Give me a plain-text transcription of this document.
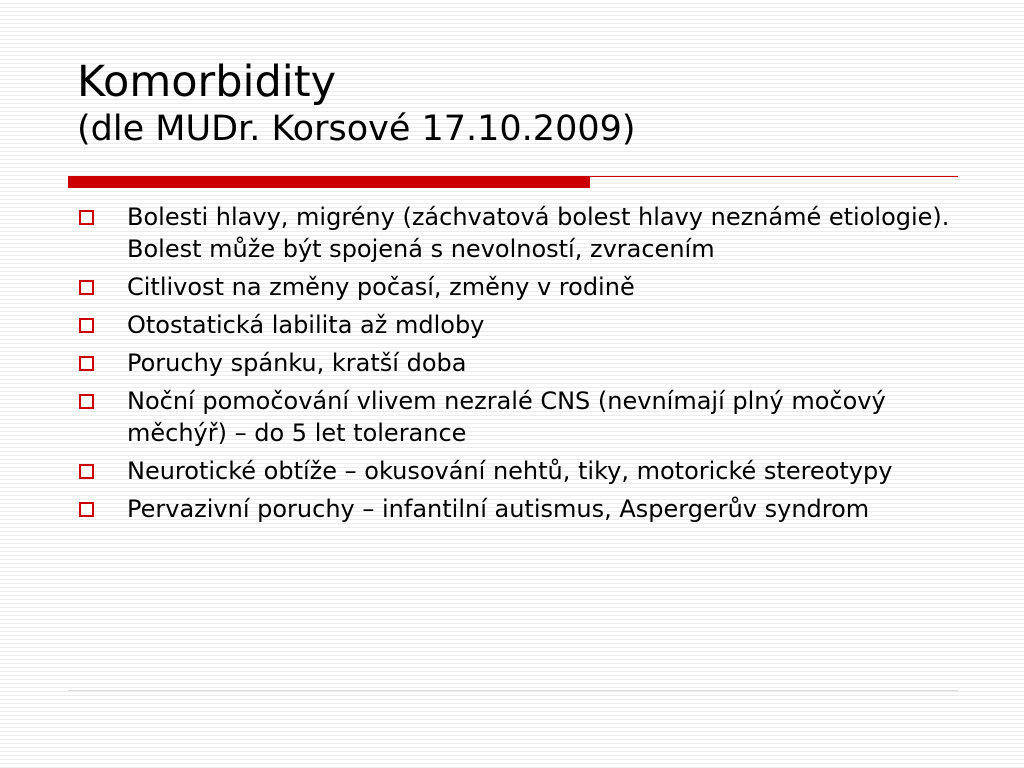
Komorbidity
(dle MUDr. Korsové 17.10.2009)
Bolesti hlavy, migrény (záchvatová bolest hlavy neznámé etiologie). Bolest může být spojená s nevolností, zvracením
Citlivost na změny počasí, změny v rodině
Otostatická labilita až mdloby
Poruchy spánku, kratší doba
Noční pomočování vlivem nezralé CNS (nevnímají plný močový měchýř) – do 5 let tolerance
Neurotické obtíže – okusování nehtů, tiky, motorické stereotypy
Pervazivní poruchy – infantilní autismus, Aspergerův syndrom
